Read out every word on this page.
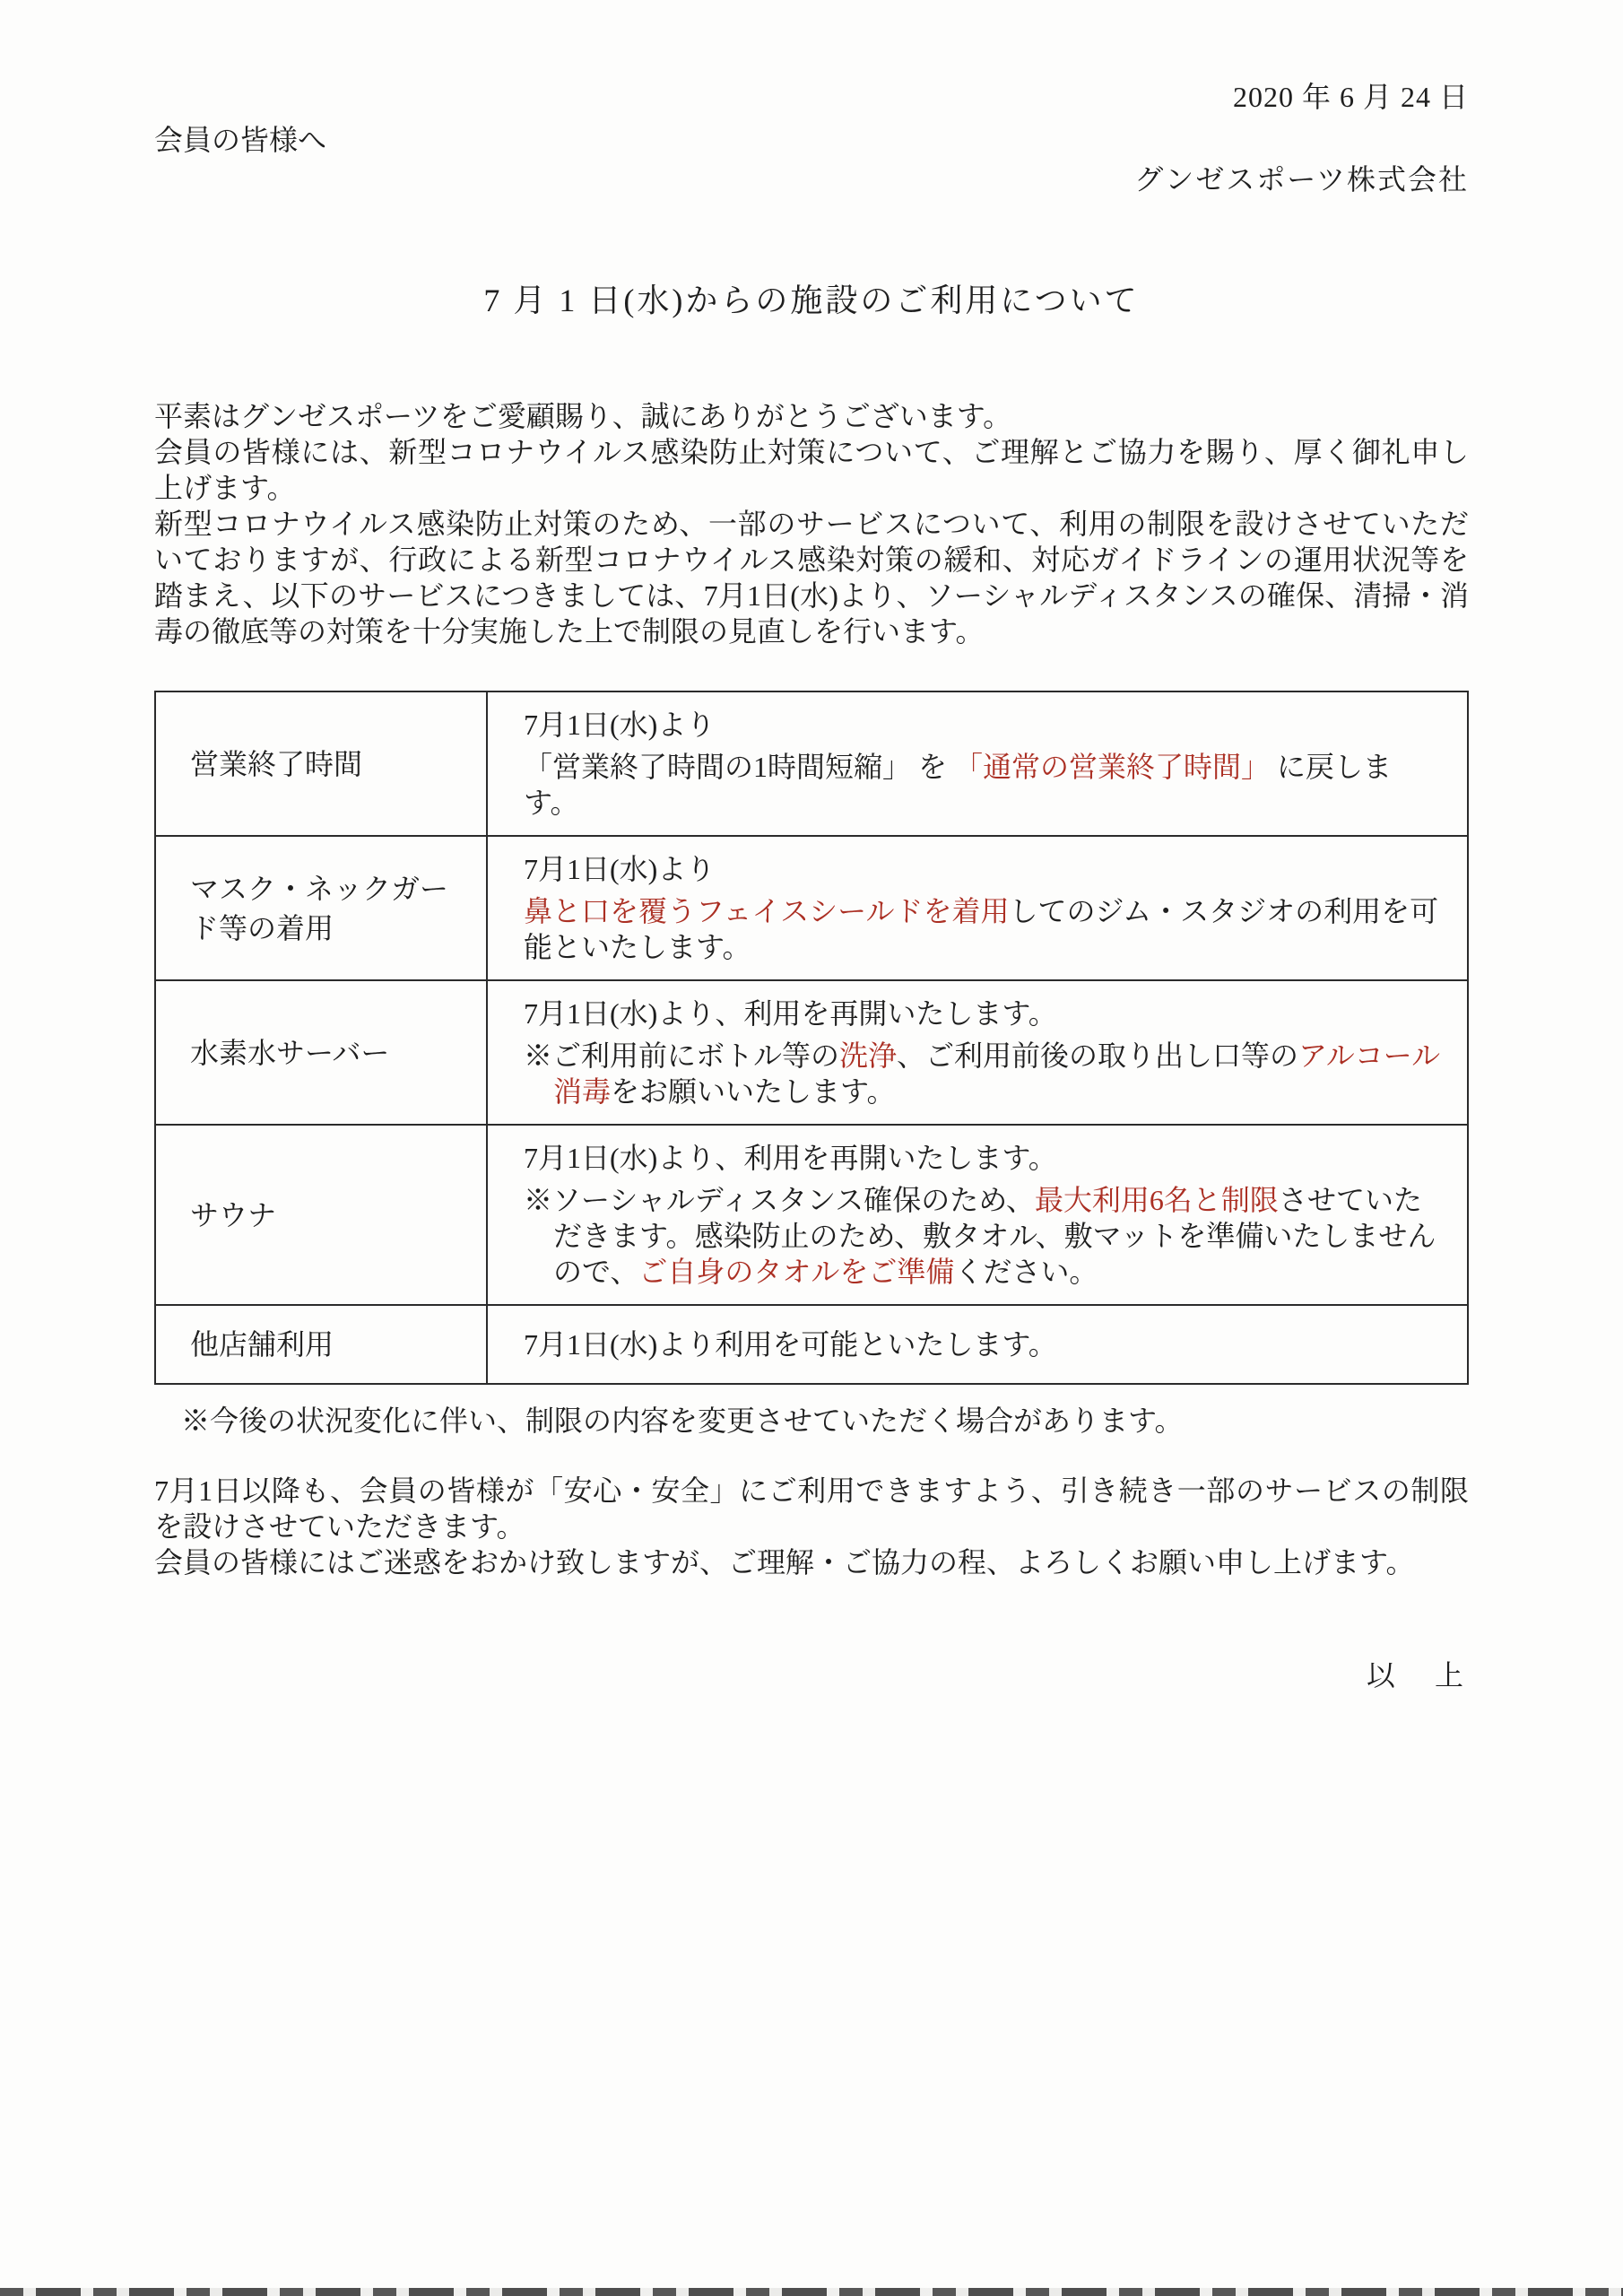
2020 年 6 月 24 日
会員の皆様へ
グンゼスポーツ株式会社
7 月 1 日(水)からの施設のご利用について

平素はグンゼスポーツをご愛顧賜り、誠にありがとうございます。

会員の皆様には、新型コロナウイルス感染防止対策について、ご理解とご協力を賜り、厚く御礼申し上げます。

新型コロナウイルス感染防止対策のため、一部のサービスについて、利用の制限を設けさせていただいておりますが、行政による新型コロナウイルス感染対策の緩和、対応ガイドラインの運用状況等を踏まえ、以下のサービスにつきましては、7月1日(水)より、ソーシャルディスタンスの確保、清掃・消毒の徹底等の対策を十分実施した上で制限の見直しを行います。

営業終了時間	7月1日(水)より
「営業終了時間の1時間短縮」 を 「通常の営業終了時間」 に戻します。

マスク・ネックガード等の着用	7月1日(水)より
鼻と口を覆うフェイスシールドを着用してのジム・スタジオの利用を可能といたします。

水素水サーバー	7月1日(水)より、利用を再開いたします。
※ご利用前にボトル等の洗浄、ご利用前後の取り出し口等のアルコール消毒をお願いいたします。

サウナ	7月1日(水)より、利用を再開いたします。
※ソーシャルディスタンス確保のため、最大利用6名と制限させていただきます。感染防止のため、敷タオル、敷マットを準備いたしませんので、ご自身のタオルをご準備ください。

他店舗利用	7月1日(水)より利用を可能といたします。
※今後の状況変化に伴い、制限の内容を変更させていただく場合があります。

7月1日以降も、会員の皆様が「安心・安全」にご利用できますよう、引き続き一部のサービスの制限を設けさせていただきます。

会員の皆様にはご迷惑をおかけ致しますが、ご理解・ご協力の程、よろしくお願い申し上げます。

以　上
